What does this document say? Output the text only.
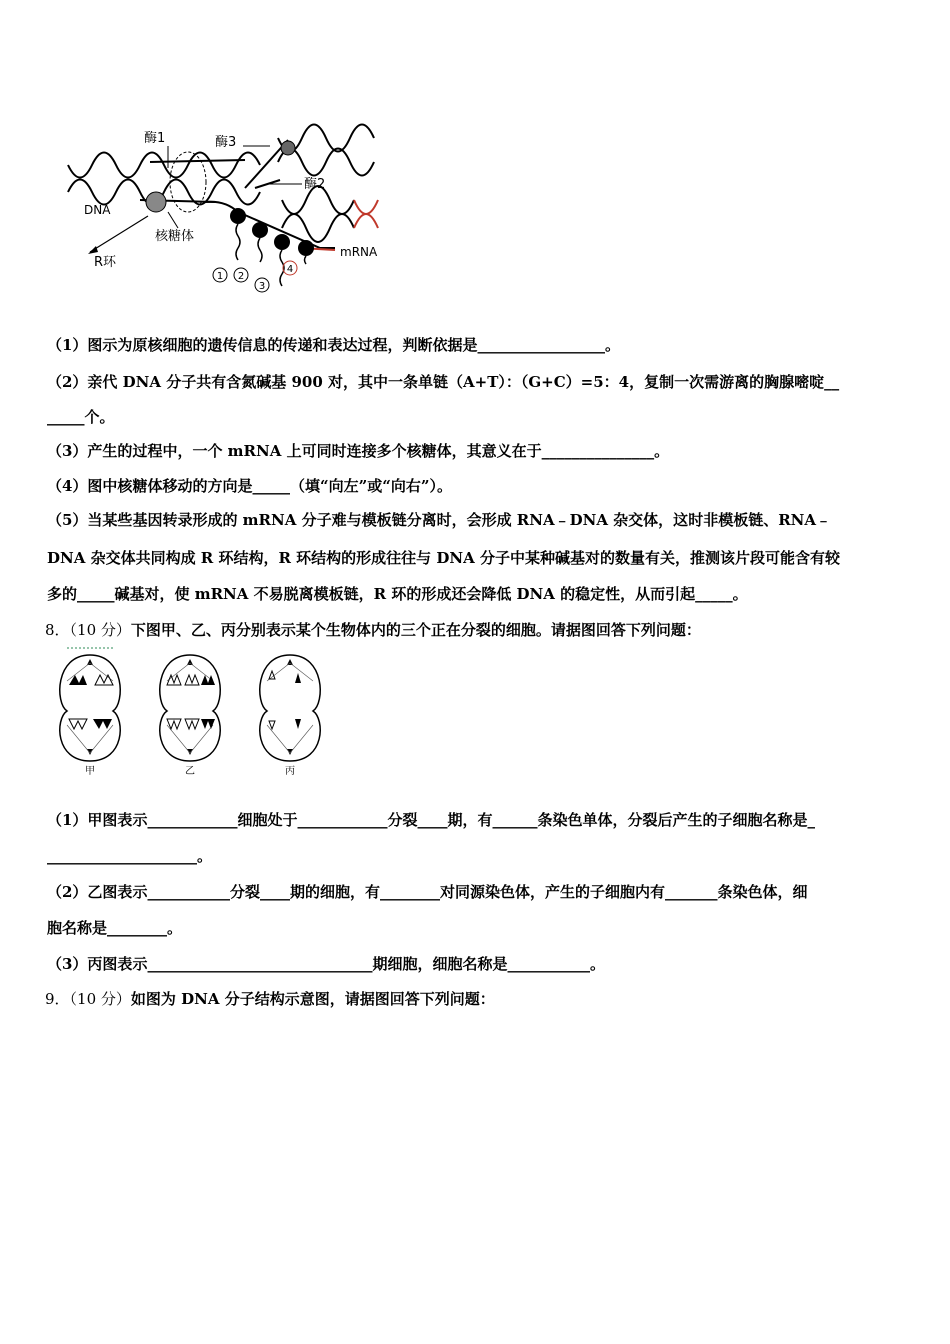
酶1	酶3
酶2
DNA
核糖体
R环
mRNA
1 2
3
4
（1）图示为原核细胞的遗传信息的传递和表达过程，判断依据是_________________。
（2）亲代 DNA 分子共有含氮碱基 900 对，其中一条单链（A+T）：（G+C）=5：4，复制一次需游离的胸腺嘧啶__
_____个。
（3）产生的过程中，一个 mRNA 上可同时连接多个核糖体，其意义在于_______________。
（4）图中核糖体移动的方向是_____（填“向左”或“向右”）。
（5）当某些基因转录形成的 mRNA 分子难与模板链分离时，会形成 RNA﹣DNA 杂交体，这时非模板链、RNA﹣
DNA 杂交体共同构成 R 环结构，R 环结构的形成往往与 DNA 分子中某种碱基对的数量有关，推测该片段可能含有较
多的_____碱基对，使 mRNA 不易脱离模板链，R 环的形成还会降低 DNA 的稳定性，从而引起_____。
8．（10 分）下图甲、乙、丙分别表示某个生物体内的三个正在分裂的细胞。请据图回答下列问题：
甲	乙	丙
（1）甲图表示____________细胞处于____________分裂____期，有______条染色单体，分裂后产生的子细胞名称是_
____________________。
（2）乙图表示___________分裂____期的细胞，有________对同源染色体，产生的子细胞内有_______条染色体，细
胞名称是________。
（3）丙图表示______________________________期细胞，细胞名称是___________。
9．（10 分）如图为 DNA 分子结构示意图，请据图回答下列问题：
